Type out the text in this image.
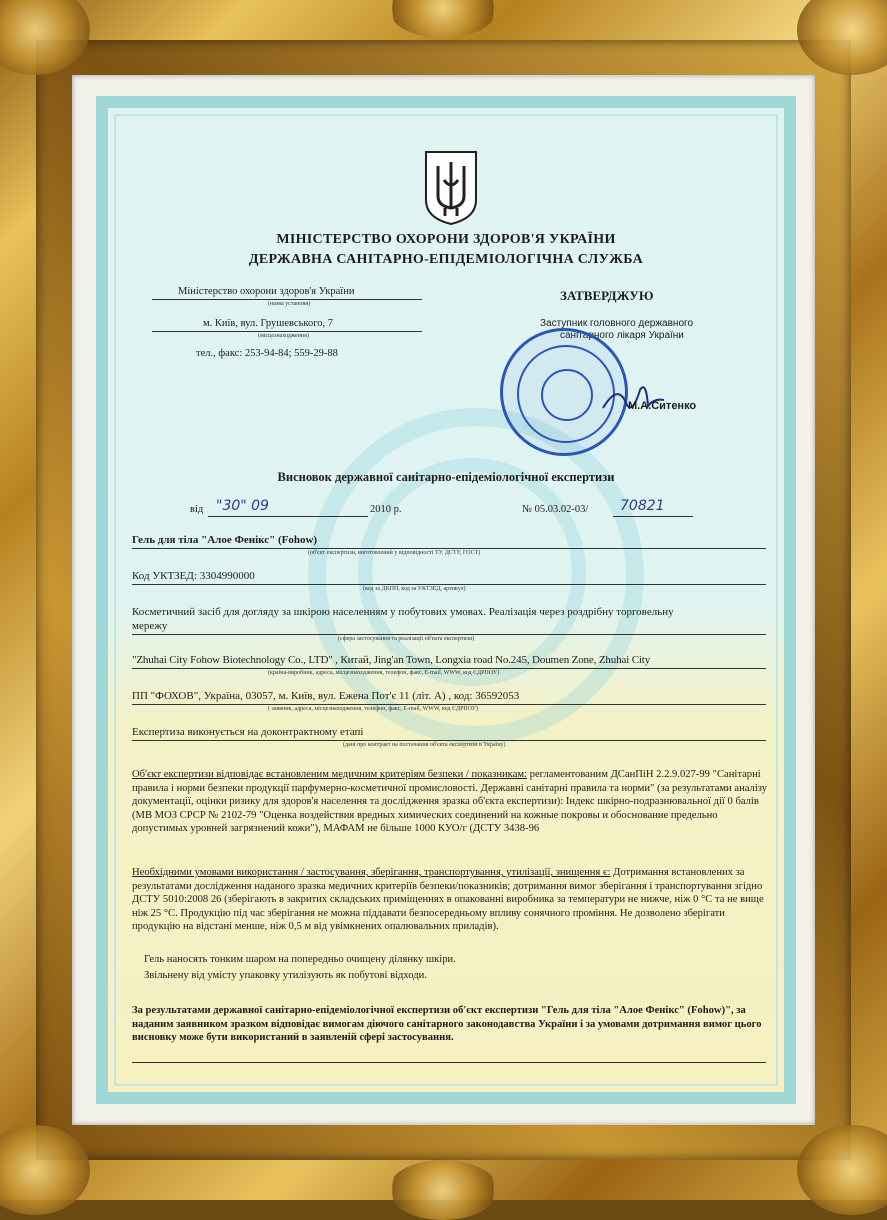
МІНІСТЕРСТВО ОХОРОНИ ЗДОРОВ'Я УКРАЇНИ
ДЕРЖАВНА САНІТАРНО-ЕПІДЕМІОЛОГІЧНА СЛУЖБА
Міністерство охорони здоров'я України
(назва установи)
м. Київ, вул. Грушевського, 7
(місцезнаходження)
тел., факс: 253-94-84; 559-29-88
ЗАТВЕРДЖУЮ
Заступник головного державного
санітарного лікаря України
М.А.Ситенко
Висновок державної санітарно-епідеміологічної експертизи
від "30" 09	2010 р.	№ 05.03.02-03/ 70821
Гель для тіла "Алое Фенікс" (Fohow)
(об'єкт експертизи, виготовлений у відповідності ТУ, ДСТУ, ГОСТ)
Код УКТЗЕД: 3304990000
(код за ДКПП, код за УКТЗЕД, артикул)
Косметичний засіб для догляду за шкірою населенням у побутових умовах. Реалізація через роздрібну торговельну
мережу
(сфера застосування та реалізації об'єкта експертизи)
"Zhuhai City Fohow Biotechnology Co., LTD" , Китай, Jing'an Town, Longxia road No.245, Doumen Zone, Zhuhai City
(країна-виробник, адреса, місцезнаходження, телефон, факс, E-mail, WWW, код ЄДРПОУ)
ПП "ФОХОВ", Україна, 03057, м. Київ, вул. Ежена Пот'є 11 (літ. А) , код: 36592053
( заявник, адреса, місцезнаходження, телефон, факс, E-mail, WWW, код ЄДРПОУ)
Експертиза виконується на доконтрактному етапі
(дані про контракт на постачання об'єкта експертизи в Україну)
Об'єкт експертизи відповідає встановленим медичним критеріям безпеки / показникам: регламентованим ДСанПіН 2.2.9.027-99 "Санітарні правила і норми безпеки продукції парфумерно-косметичної промисловості. Державні санітарні правила та норми" (за результатами аналізу документації, оцінки ризику для здоров'я населення та дослідження зразка об'єкта експертизи): Індекс шкірно-подразнювальної дії 0 балів (МВ МОЗ СРСР № 2102-79 "Оценка воздействия вредных химических соединений на кожные покровы и обоснование предельно допустимых уровней загрязнений кожи"), МАФАМ не більше 1000 КУО/г (ДСТУ 3438-96
Необхідними умовами використання / застосування, зберігання, транспортування, утилізації, знищення є: Дотримання встановлених за результатами дослідження наданого зразка медичних критеріїв безпеки/показників; дотримання вимог зберігання і транспортування згідно ДСТУ 5010:2008 26 (зберігають в закритих складських приміщеннях в опакованні виробника за температури не нижче, ніж 0 °С та не вище ніж 25 °С. Продукцію під час зберігання не можна піддавати безпосередньому впливу сонячного проміння. Не дозволено зберігати продукцію на відстані менше, ніж 0,5 м від увімкнених опалювальних приладів).
Гель наносять тонким шаром на попередньо очищену ділянку шкіри.
Звільнену від умісту упаковку утилізують як побутові відходи.
За результатами державної санітарно-епідеміологічної експертизи об'єкт експертизи "Гель для тіла "Алое Фенікс" (Fohow)", за наданим заявником зразком відповідає вимогам діючого санітарного законодавства України і за умовами дотримання вимог цього висновку може бути використаний в заявленій сфері застосування.
